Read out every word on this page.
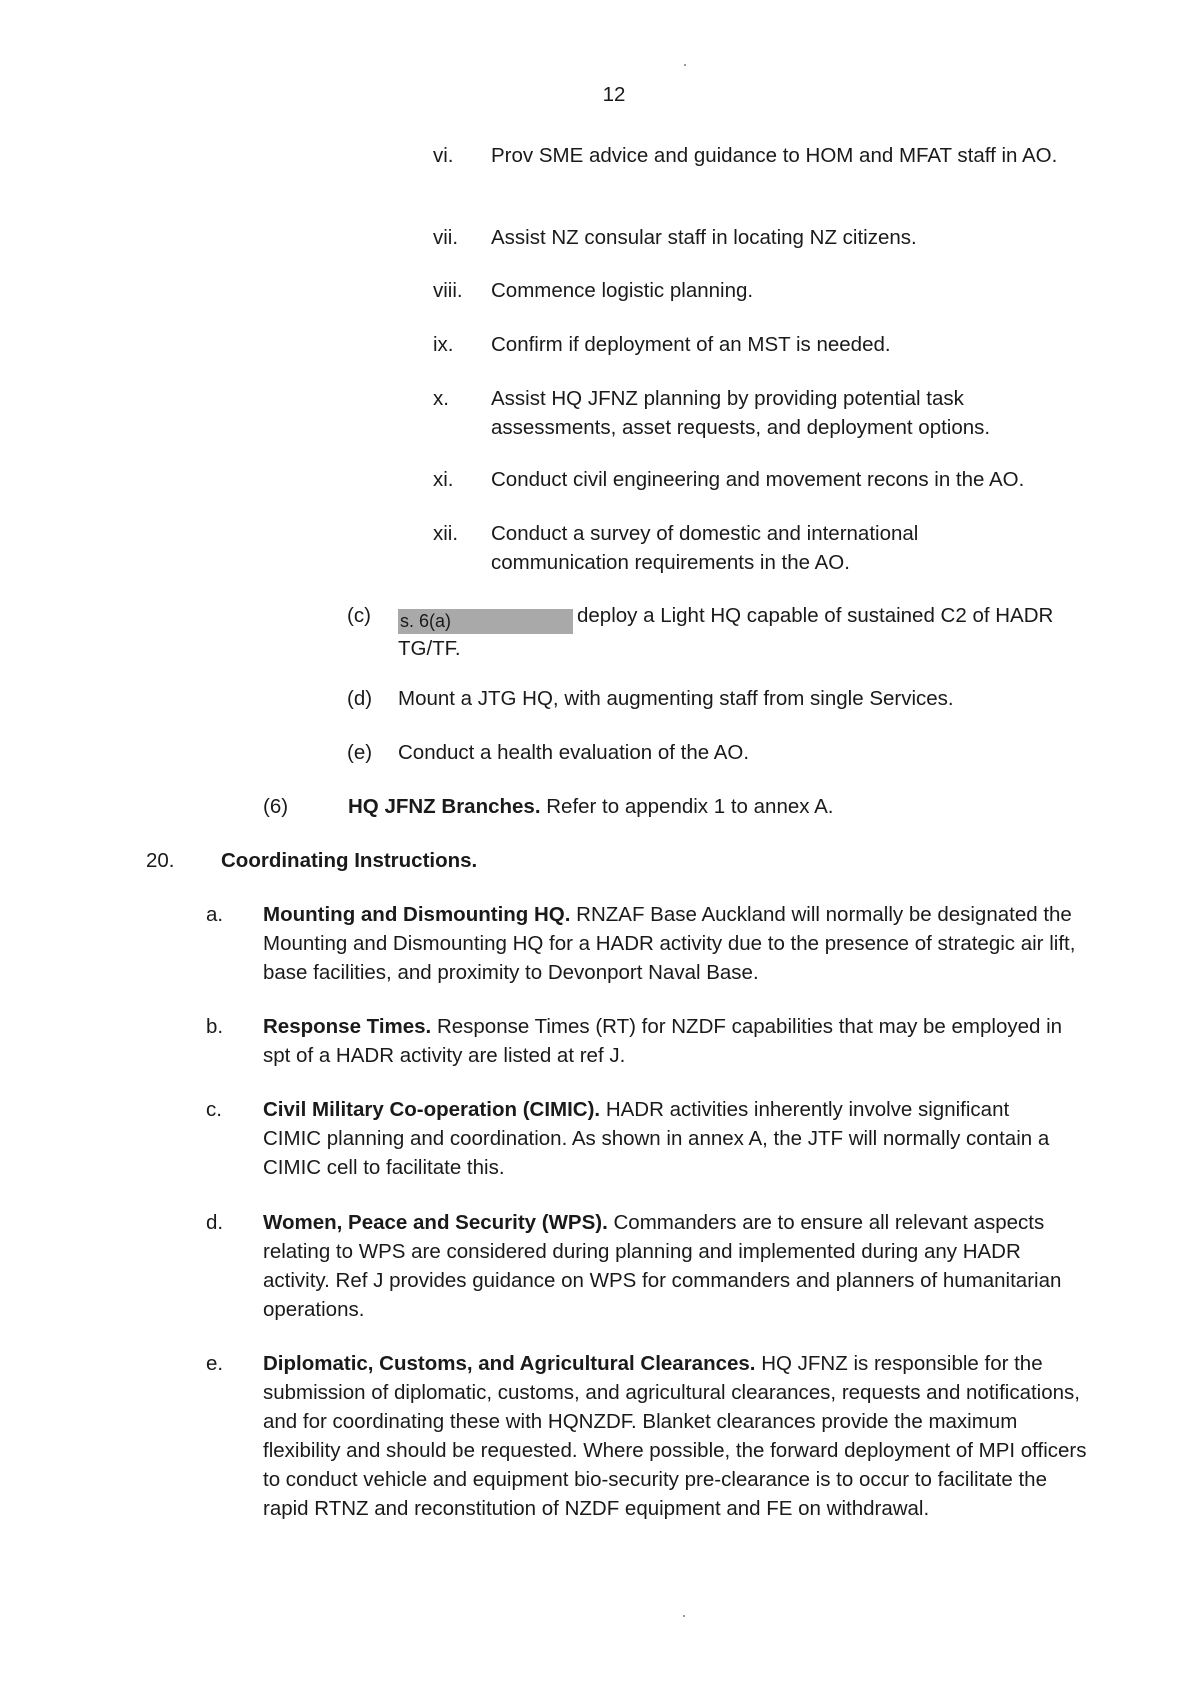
12
vi. Prov SME advice and guidance to HOM and MFAT staff in AO.
vii. Assist NZ consular staff in locating NZ citizens.
viii. Commence logistic planning.
ix. Confirm if deployment of an MST is needed.
x. Assist HQ JFNZ planning by providing potential task assessments, asset requests, and deployment options.
xi. Conduct civil engineering and movement recons in the AO.
xii. Conduct a survey of domestic and international communication requirements in the AO.
(c) s. 6(a)	deploy a Light HQ capable of sustained C2 of HADR TG/TF.
(d) Mount a JTG HQ, with augmenting staff from single Services.
(e) Conduct a health evaluation of the AO.
(6)	HQ JFNZ Branches. Refer to appendix 1 to annex A.
20. Coordinating Instructions.
a. Mounting and Dismounting HQ. RNZAF Base Auckland will normally be designated the Mounting and Dismounting HQ for a HADR activity due to the presence of strategic air lift, base facilities, and proximity to Devonport Naval Base.
b. Response Times. Response Times (RT) for NZDF capabilities that may be employed in spt of a HADR activity are listed at ref J.
c. Civil Military Co-operation (CIMIC). HADR activities inherently involve significant CIMIC planning and coordination. As shown in annex A, the JTF will normally contain a CIMIC cell to facilitate this.
d. Women, Peace and Security (WPS). Commanders are to ensure all relevant aspects relating to WPS are considered during planning and implemented during any HADR activity. Ref J provides guidance on WPS for commanders and planners of humanitarian operations.
e. Diplomatic, Customs, and Agricultural Clearances. HQ JFNZ is responsible for the submission of diplomatic, customs, and agricultural clearances, requests and notifications, and for coordinating these with HQNZDF. Blanket clearances provide the maximum flexibility and should be requested. Where possible, the forward deployment of MPI officers to conduct vehicle and equipment bio-security pre-clearance is to occur to facilitate the rapid RTNZ and reconstitution of NZDF equipment and FE on withdrawal.
